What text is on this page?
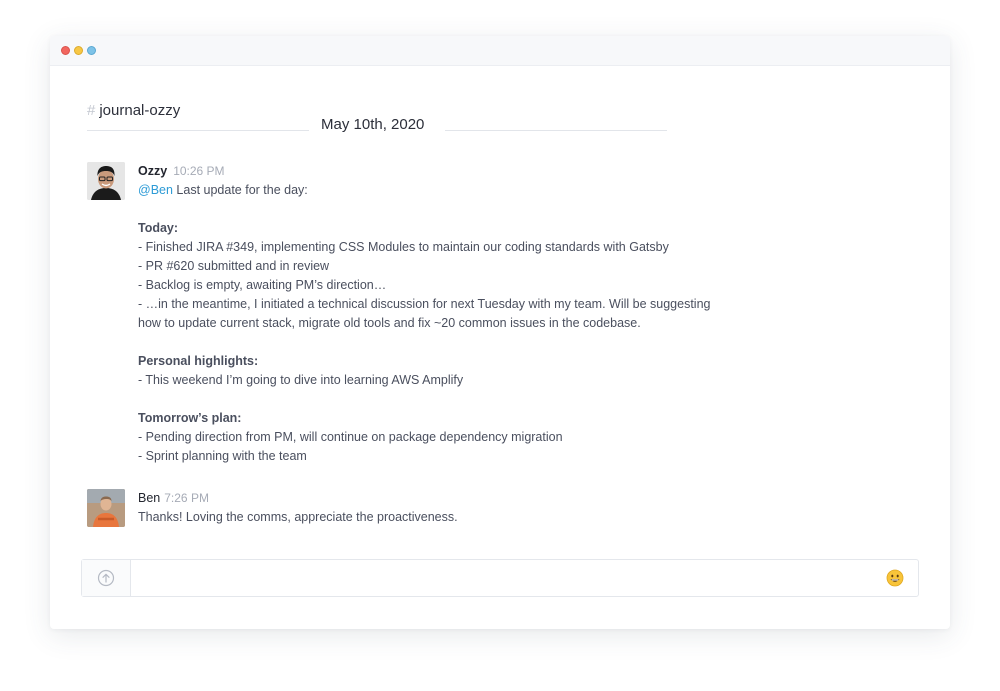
# journal-ozzy
May 10th, 2020
Ozzy 10:26 PM
@Ben Last update for the day:
Today:
- Finished JIRA #349, implementing CSS Modules to maintain our coding standards with Gatsby
- PR #620 submitted and in review
- Backlog is empty, awaiting PM’s direction…
- …in the meantime, I initiated a technical discussion for next Tuesday with my team. Will be suggesting
how to update current stack, migrate old tools and fix ~20 common issues in the codebase.
Personal highlights:
- This weekend I’m going to dive into learning AWS Amplify
Tomorrow’s plan:
- Pending direction from PM, will continue on package dependency migration
- Sprint planning with the team
Ben 7:26 PM
Thanks! Loving the comms, appreciate the proactiveness.
